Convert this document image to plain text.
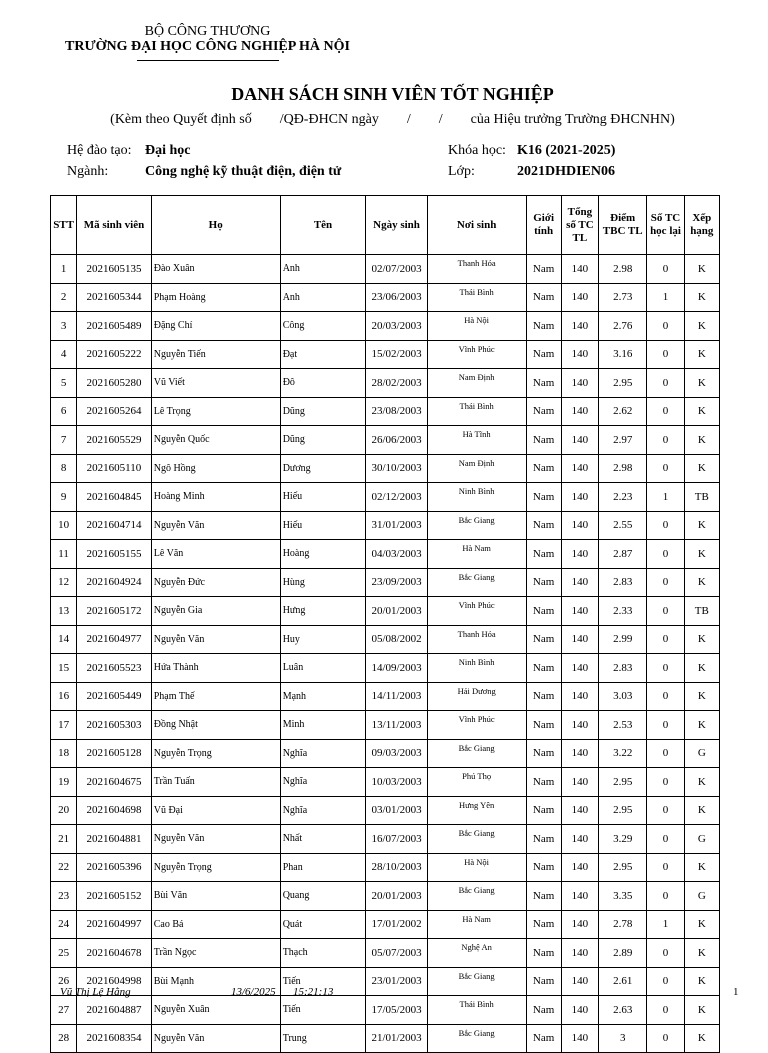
BỘ CÔNG THƯƠNG
TRƯỜNG ĐẠI HỌC CÔNG NGHIỆP HÀ NỘI
DANH SÁCH SINH VIÊN TỐT NGHIỆP
(Kèm theo Quyết định số        /QĐ-ĐHCN ngày        /        /        của Hiệu trưởng Trường ĐHCNHN)
Hệ đào tạo: Đại học	Khóa học: K16 (2021-2025)
Ngành:	Công nghệ kỹ thuật điện, điện tử	Lớp:	2021DHDIEN06
STT	Mã sinh viên	Họ	Tên	Ngày sinh	Nơi sinh	Giới tính	Tổng số TC TL	Điểm TBC TL	Số TC học lại	Xếp hạng
1	2021605135	Đào Xuân	Anh	02/07/2003	Thanh Hóa	Nam	140	2.98	0	K
2	2021605344	Phạm Hoàng	Anh	23/06/2003	Thái Bình	Nam	140	2.73	1	K
3	2021605489	Đặng Chí	Công	20/03/2003	Hà Nội	Nam	140	2.76	0	K
4	2021605222	Nguyễn Tiến	Đạt	15/02/2003	Vĩnh Phúc	Nam	140	3.16	0	K
5	2021605280	Vũ Viết	Đô	28/02/2003	Nam Định	Nam	140	2.95	0	K
6	2021605264	Lê Trọng	Dũng	23/08/2003	Thái Bình	Nam	140	2.62	0	K
7	2021605529	Nguyễn Quốc	Dũng	26/06/2003	Hà Tĩnh	Nam	140	2.97	0	K
8	2021605110	Ngô Hồng	Dương	30/10/2003	Nam Định	Nam	140	2.98	0	K
9	2021604845	Hoàng Minh	Hiếu	02/12/2003	Ninh Bình	Nam	140	2.23	1	TB
10	2021604714	Nguyễn Văn	Hiếu	31/01/2003	Bắc Giang	Nam	140	2.55	0	K
11	2021605155	Lê Văn	Hoàng	04/03/2003	Hà Nam	Nam	140	2.87	0	K
12	2021604924	Nguyễn Đức	Hùng	23/09/2003	Bắc Giang	Nam	140	2.83	0	K
13	2021605172	Nguyễn Gia	Hưng	20/01/2003	Vĩnh Phúc	Nam	140	2.33	0	TB
14	2021604977	Nguyễn Văn	Huy	05/08/2002	Thanh Hóa	Nam	140	2.99	0	K
15	2021605523	Hứa Thành	Luân	14/09/2003	Ninh Bình	Nam	140	2.83	0	K
16	2021605449	Phạm Thế	Mạnh	14/11/2003	Hải Dương	Nam	140	3.03	0	K
17	2021605303	Đồng Nhật	Minh	13/11/2003	Vĩnh Phúc	Nam	140	2.53	0	K
18	2021605128	Nguyễn Trọng	Nghĩa	09/03/2003	Bắc Giang	Nam	140	3.22	0	G
19	2021604675	Trần Tuấn	Nghĩa	10/03/2003	Phú Thọ	Nam	140	2.95	0	K
20	2021604698	Vũ Đại	Nghĩa	03/01/2003	Hưng Yên	Nam	140	2.95	0	K
21	2021604881	Nguyễn Văn	Nhất	16/07/2003	Bắc Giang	Nam	140	3.29	0	G
22	2021605396	Nguyễn Trọng	Phan	28/10/2003	Hà Nội	Nam	140	2.95	0	K
23	2021605152	Bùi Văn	Quang	20/01/2003	Bắc Giang	Nam	140	3.35	0	G
24	2021604997	Cao Bá	Quát	17/01/2002	Hà Nam	Nam	140	2.78	1	K
25	2021604678	Trần Ngọc	Thạch	05/07/2003	Nghệ An	Nam	140	2.89	0	K
26	2021604998	Bùi Mạnh	Tiến	23/01/2003	Bắc Giang	Nam	140	2.61	0	K
27	2021604887	Nguyễn Xuân	Tiến	17/05/2003	Thái Bình	Nam	140	2.63	0	K
28	2021608354	Nguyễn Văn	Trung	21/01/2003	Bắc Giang	Nam	140	3	0	K
Vũ Thị Lệ Hằng	13/6/2025 15:21:13	1
